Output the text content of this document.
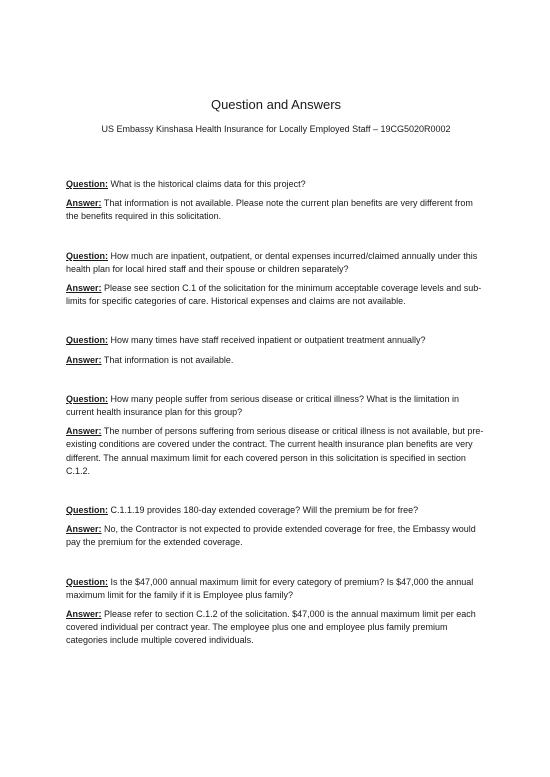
Question and Answers
US Embassy Kinshasa Health Insurance for Locally Employed Staff – 19CG5020R0002

Question: What is the historical claims data for this project?

Answer: That information is not available. Please note the current plan benefits are very different from the benefits required in this solicitation.

Question: How much are inpatient, outpatient, or dental expenses incurred/claimed annually under this health plan for local hired staff and their spouse or children separately?

Answer: Please see section C.1 of the solicitation for the minimum acceptable coverage levels and sub-limits for specific categories of care. Historical expenses and claims are not available.

Question: How many times have staff received inpatient or outpatient treatment annually?

Answer: That information is not available.

Question: How many people suffer from serious disease or critical illness? What is the limitation in current health insurance plan for this group?

Answer: The number of persons suffering from serious disease or critical illness is not available, but pre-existing conditions are covered under the contract. The current health insurance plan benefits are very different. The annual maximum limit for each covered person in this solicitation is specified in section C.1.2.

Question: C.1.1.19 provides 180-day extended coverage? Will the premium be for free?

Answer: No, the Contractor is not expected to provide extended coverage for free, the Embassy would pay the premium for the extended coverage.

Question: Is the $47,000 annual maximum limit for every category of premium? Is $47,000 the annual maximum limit for the family if it is Employee plus family?

Answer: Please refer to section C.1.2 of the solicitation. $47,000 is the annual maximum limit per each covered individual per contract year. The employee plus one and employee plus family premium categories include multiple covered individuals.
